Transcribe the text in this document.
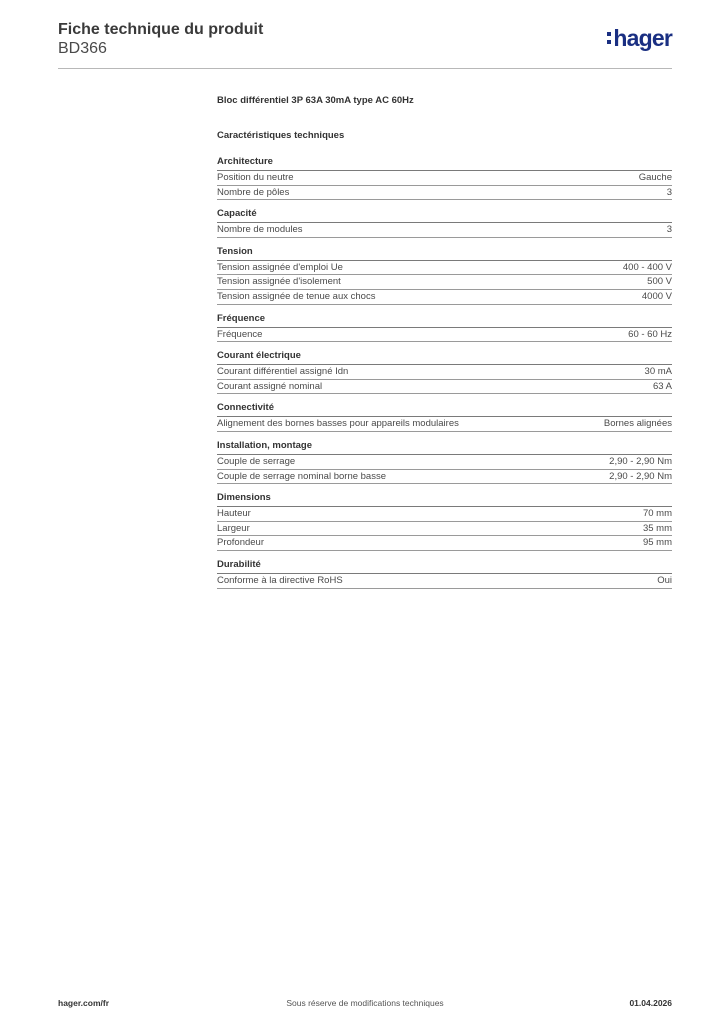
Fiche technique du produit

BD366	hager

Bloc différentiel 3P 63A 30mA type AC 60Hz

Caractéristiques techniques

Architecture
Position du neutre	Gauche
Nombre de pôles	3
Capacité
Nombre de modules	3
Tension
Tension assignée d'emploi Ue	400 - 400 V
Tension assignée d'isolement	500 V
Tension assignée de tenue aux chocs	4000 V
Fréquence
Fréquence	60 - 60 Hz
Courant électrique
Courant différentiel assigné Idn	30 mA
Courant assigné nominal	63 A
Connectivité
Alignement des bornes basses pour appareils modulaires	Bornes alignées
Installation, montage
Couple de serrage	2,90 - 2,90 Nm
Couple de serrage nominal borne basse	2,90 - 2,90 Nm
Dimensions
Hauteur	70 mm
Largeur	35 mm
Profondeur	95 mm
Durabilité
Conforme à la directive RoHS	Oui
hager.com/fr	Sous réserve de modifications techniques	01.04.2026
